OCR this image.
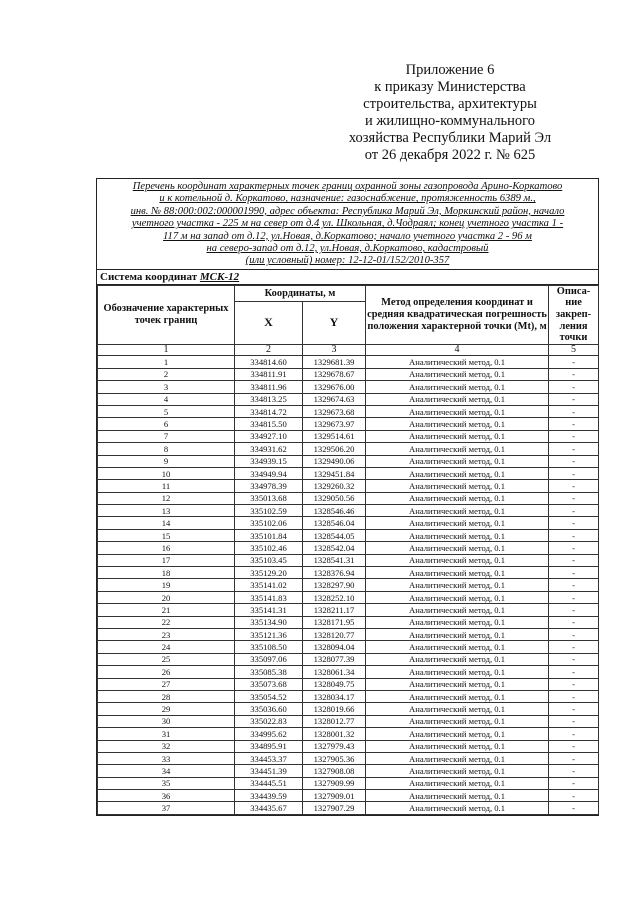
Приложение 6
к приказу Министерства
строительства, архитектуры
и жилищно-коммунального
хозяйства Республики Марий Эл
от 26 декабря 2022 г. № 625
Перечень координат характерных точек границ охранной зоны газопровода Арино-Коркатово
и к котельной д. Коркатово, назначение: газоснабжение, протяженность 6389 м.,
инв. № 88:000:002:000001990, адрес объекта: Республика Марий Эл, Моркинский район, начало
учетного участка - 225 м на север от д.4 ул. Школьная, д.Чодраял; конец учетного участка 1 -
117 м на запад от д.12, ул.Новая, д.Коркатово; начало учетного участка 2 - 96 м
на северо-запад от д.12, ул.Новая, д.Коркатово, кадастровый
(или условный) номер: 12-12-01/152/2010-357
Система координат МСК-12
Обозначение характерных точек границ	Координаты, м		Метод определения координат и средняя квадратическая погрешность положения характерной точки (Mt), м	Описа-ние закреп-ления точки
	X	Y		
1	2	3	4	5
1	334814.60	1329681.39	Аналитический метод, 0.1	-
2	334811.91	1329678.67	Аналитический метод, 0.1	-
3	334811.96	1329676.00	Аналитический метод, 0.1	-
4	334813.25	1329674.63	Аналитический метод, 0.1	-
5	334814.72	1329673.68	Аналитический метод, 0.1	-
6	334815.50	1329673.97	Аналитический метод, 0.1	-
7	334927.10	1329514.61	Аналитический метод, 0.1	-
8	334931.62	1329506.20	Аналитический метод, 0.1	-
9	334939.15	1329490.06	Аналитический метод, 0.1	-
10	334949.94	1329451.84	Аналитический метод, 0.1	-
11	334978.39	1329260.32	Аналитический метод, 0.1	-
12	335013.68	1329050.56	Аналитический метод, 0.1	-
13	335102.59	1328546.46	Аналитический метод, 0.1	-
14	335102.06	1328546.04	Аналитический метод, 0.1	-
15	335101.84	1328544.05	Аналитический метод, 0.1	-
16	335102.46	1328542.04	Аналитический метод, 0.1	-
17	335103.45	1328541.31	Аналитический метод, 0.1	-
18	335129.20	1328376.94	Аналитический метод, 0.1	-
19	335141.02	1328297.90	Аналитический метод, 0.1	-
20	335141.83	1328252.10	Аналитический метод, 0.1	-
21	335141.31	1328211.17	Аналитический метод, 0.1	-
22	335134.90	1328171.95	Аналитический метод, 0.1	-
23	335121.36	1328120.77	Аналитический метод, 0.1	-
24	335108.50	1328094.04	Аналитический метод, 0.1	-
25	335097.06	1328077.39	Аналитический метод, 0.1	-
26	335085.38	1328061.34	Аналитический метод, 0.1	-
27	335073.68	1328049.75	Аналитический метод, 0.1	-
28	335054.52	1328034.17	Аналитический метод, 0.1	-
29	335036.60	1328019.66	Аналитический метод, 0.1	-
30	335022.83	1328012.77	Аналитический метод, 0.1	-
31	334995.62	1328001.32	Аналитический метод, 0.1	-
32	334895.91	1327979.43	Аналитический метод, 0.1	-
33	334453.37	1327905.36	Аналитический метод, 0.1	-
34	334451.39	1327908.08	Аналитический метод, 0.1	-
35	334445.51	1327909.99	Аналитический метод, 0.1	-
36	334439.59	1327909.01	Аналитический метод, 0.1	-
37	334435.67	1327907.29	Аналитический метод, 0.1	-
